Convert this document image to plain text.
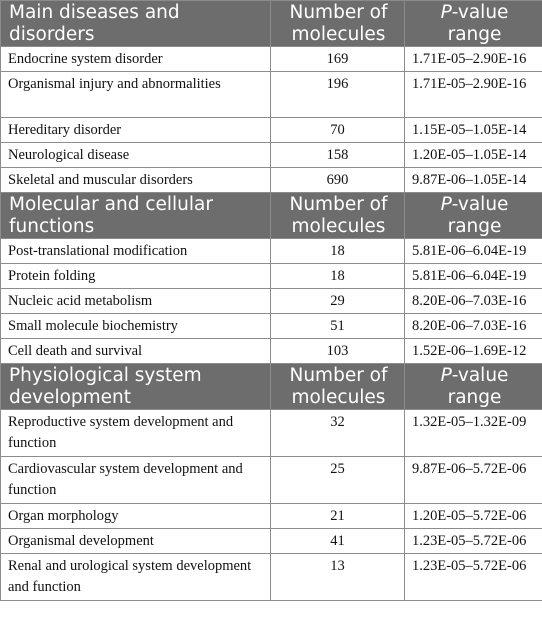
Main diseases and disorders	Number of molecules	P-value range
Endocrine system disorder	169	1.71E-05–2.90E-16
Organismal injury and abnormalities	196	1.71E-05–2.90E-16
Hereditary disorder	70	1.15E-05–1.05E-14
Neurological disease	158	1.20E-05–1.05E-14
Skeletal and muscular disorders	690	9.87E-06–1.05E-14
Molecular and cellular functions	Number of molecules	P-value range
Post-translational modification	18	5.81E-06–6.04E-19
Protein folding	18	5.81E-06–6.04E-19
Nucleic acid metabolism	29	8.20E-06–7.03E-16
Small molecule biochemistry	51	8.20E-06–7.03E-16
Cell death and survival	103	1.52E-06–1.69E-12
Physiological system development	Number of molecules	P-value range
Reproductive system development and function	32	1.32E-05–1.32E-09
Cardiovascular system development and function	25	9.87E-06–5.72E-06
Organ morphology	21	1.20E-05–5.72E-06
Organismal development	41	1.23E-05–5.72E-06
Renal and urological system development and function	13	1.23E-05–5.72E-06
